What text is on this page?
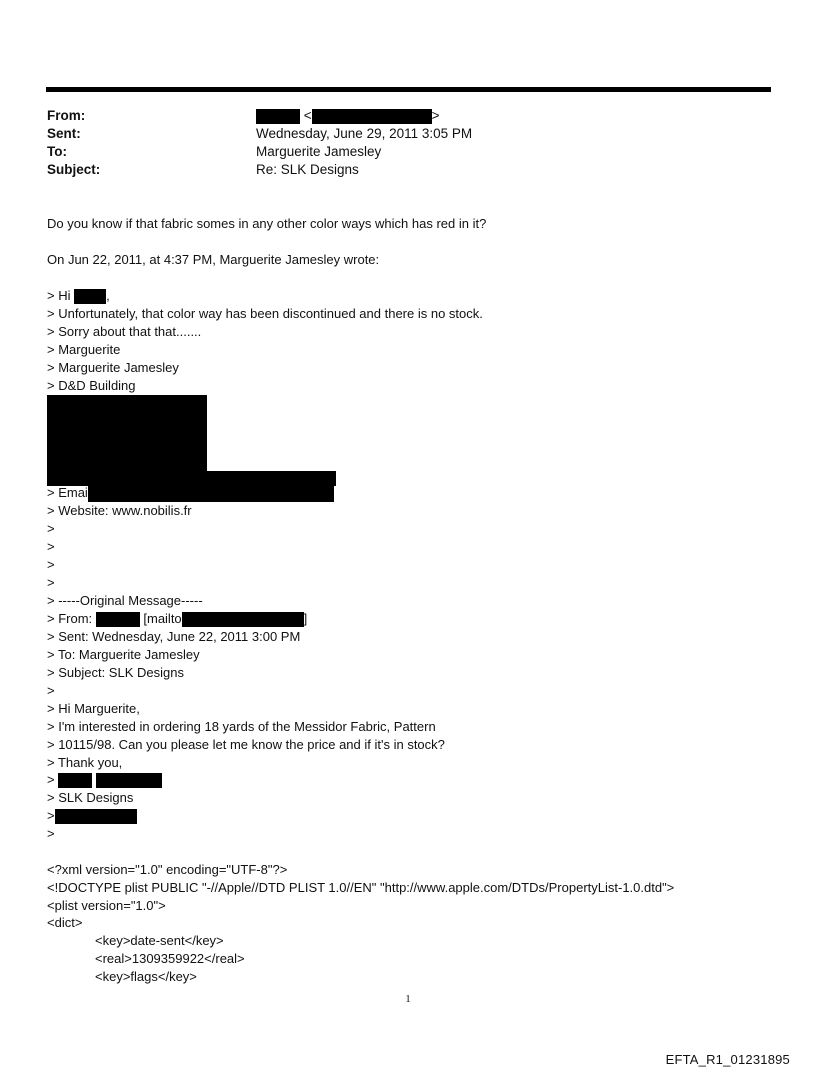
From:	<	>
Sent:	Wednesday, June 29, 2011 3:05 PM
To:	Marguerite Jamesley
Subject:	Re: SLK Designs
Do you know if that fabric somes in any other color ways which has red in it?
On Jun 22, 2011, at 4:37 PM, Marguerite Jamesley wrote:
> Hi ,
> Unfortunately, that color way has been discontinued and there is no stock.
> Sorry about that that.......
> Marguerite
> Marguerite Jamesley
> D&D Building
> Emai
> Website: www.nobilis.fr
>
>
>
>
> -----Original Message-----
> From:	[mailto	]
> Sent: Wednesday, June 22, 2011 3:00 PM
> To: Marguerite Jamesley
> Subject: SLK Designs
>
> Hi Marguerite,
> I'm interested in ordering 18 yards of the Messidor Fabric, Pattern
> 10115/98. Can you please let me know the price and if it's in stock?
> Thank you,
>
> SLK Designs
>
>
<?xml version="1.0" encoding="UTF-8"?>
<!DOCTYPE plist PUBLIC "-//Apple//DTD PLIST 1.0//EN" "http://www.apple.com/DTDs/PropertyList-1.0.dtd">
<plist version="1.0">
<dict>
<key>date-sent</key>
<real>1309359922</real>
<key>flags</key>
1
EFTA_R1_01231895
